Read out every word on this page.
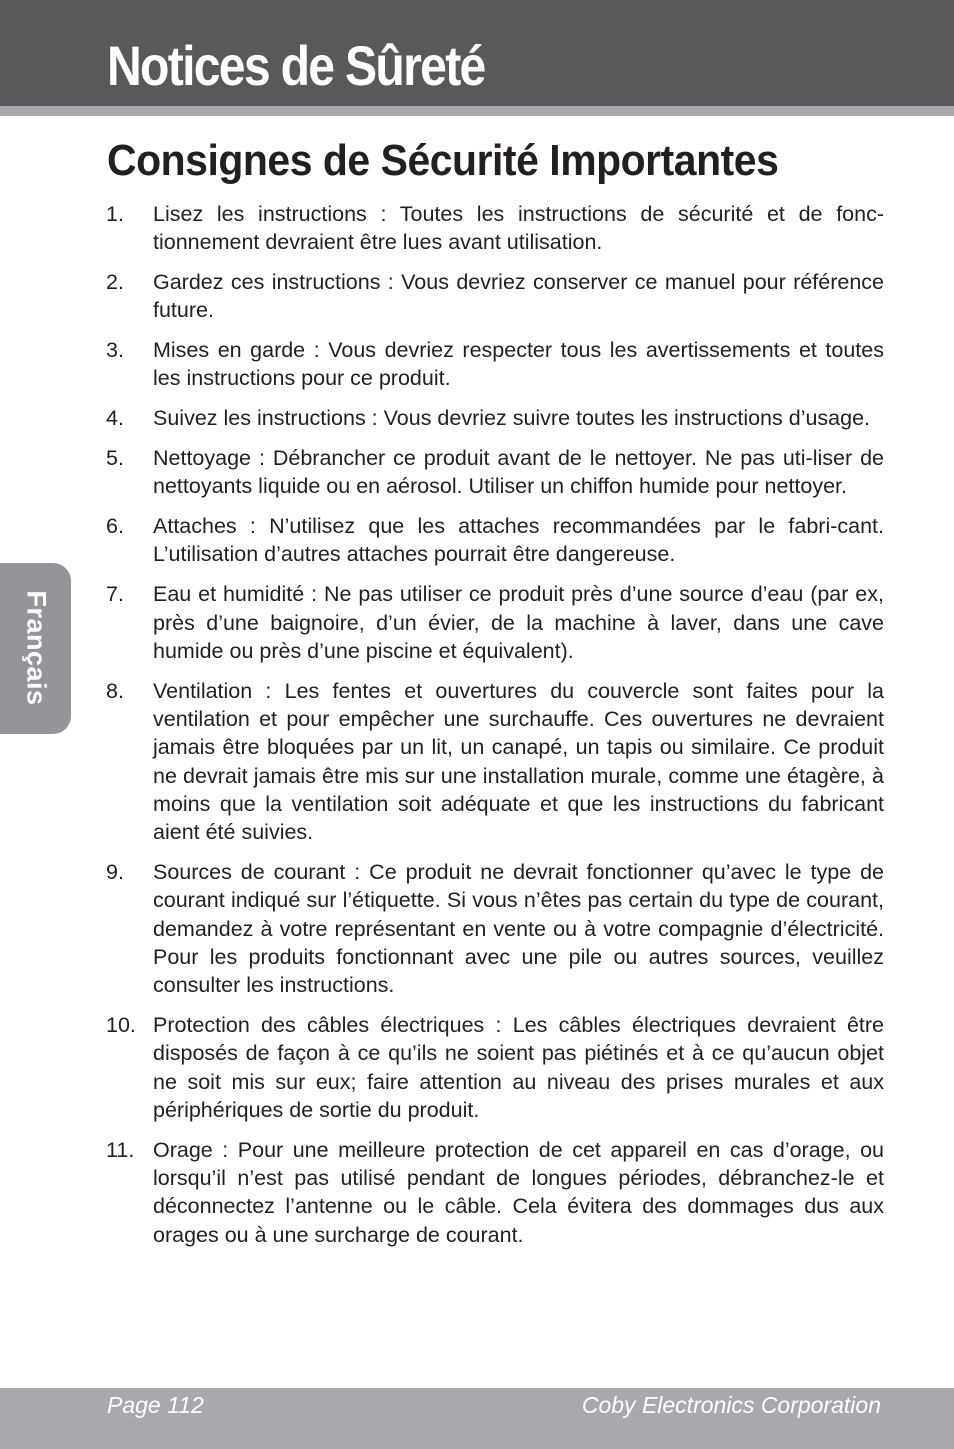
Notices de Sûreté
Consignes de Sécurité Importantes
Français
1. Lisez les instructions : Toutes les instructions de sécurité et de fonc-tionnement devraient être lues avant utilisation.
2. Gardez ces instructions : Vous devriez conserver ce manuel pour référence future.
3. Mises en garde : Vous devriez respecter tous les avertissements et toutes les instructions pour ce produit.
4. Suivez les instructions : Vous devriez suivre toutes les instructions d’usage.
5. Nettoyage : Débrancher ce produit avant de le nettoyer. Ne pas uti-liser de nettoyants liquide ou en aérosol. Utiliser un chiffon humide pour nettoyer.
6. Attaches : N’utilisez que les attaches recommandées par le fabri-cant. L’utilisation d’autres attaches pourrait être dangereuse.
7. Eau et humidité : Ne pas utiliser ce produit près d’une source d’eau (par ex, près d’une baignoire, d’un évier, de la machine à laver, dans une cave humide ou près d’une piscine et équivalent).
8. Ventilation : Les fentes et ouvertures du couvercle sont faites pour la ventilation et pour empêcher une surchauffe. Ces ouvertures ne devraient jamais être bloquées par un lit, un canapé, un tapis ou similaire. Ce produit ne devrait jamais être mis sur une installation murale, comme une étagère, à moins que la ventilation soit adéquate et que les instructions du fabricant aient été suivies.
9. Sources de courant : Ce produit ne devrait fonctionner qu’avec le type de courant indiqué sur l’étiquette. Si vous n’êtes pas certain du type de courant, demandez à votre représentant en vente ou à votre compagnie d’électricité. Pour les produits fonctionnant avec une pile ou autres sources, veuillez consulter les instructions.
10. Protection des câbles électriques : Les câbles électriques devraient être disposés de façon à ce qu’ils ne soient pas piétinés et à ce qu’aucun objet ne soit mis sur eux; faire attention au niveau des prises murales et aux périphériques de sortie du produit.
11. Orage : Pour une meilleure protection de cet appareil en cas d’orage, ou lorsqu’il n’est pas utilisé pendant de longues périodes, débranchez-le et déconnectez l’antenne ou le câble. Cela évitera des dommages dus aux orages ou à une surcharge de courant.
Page 112	Coby Electronics Corporation
